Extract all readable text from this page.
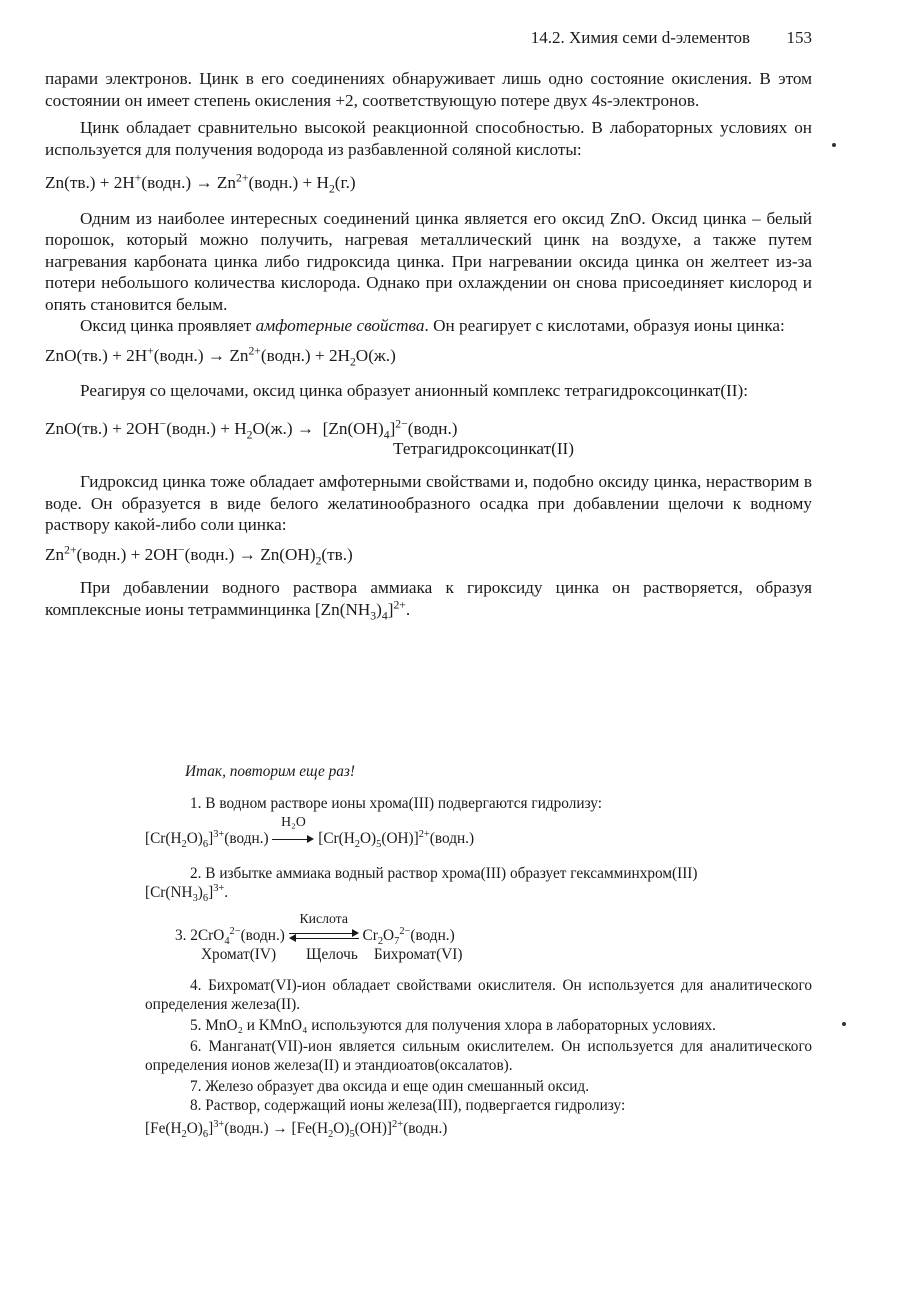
14.2. Химия семи d-элементов 153

парами электронов. Цинк в его соединениях обнаруживает лишь одно состояние окисления. В этом состоянии он имеет степень окисления +2, соответствующую потере двух 4s-электронов.

Цинк обладает сравнительно высокой реакционной способностью. В лабораторных условиях он используется для получения водорода из разбавленной соляной кислоты:

Zn(тв.) + 2H+(водн.) → $Zn^{2+}(водн.) + H_2(г.)$

Одним из наиболее интересных соединений цинка является его оксид ZnO. Оксид цинка – белый порошок, который можно получить, нагревая металлический цинк на воздухе, а также путем нагревания карбоната цинка либо гидроксида цинка. При нагревании оксида цинка он желтеет из-за потери небольшого количества кислорода. Однако при охлаждении он снова присоединяет кислород и опять становится белым.

Оксид цинка проявляет амфотерные свойства. Он реагирует с кислотами, образуя ионы цинка:

ZnO(тв.) + 2H+(водн.) → $Zn^{2+}(водн.) + 2H_2O(ж.)$

Реагируя со щелочами, оксид цинка образует анионный комплекс тетрагидроксоцинкат(II):

ZnO(тв.) + 2OH−(водн.) + $H_2O(ж.)$ →  $[Zn(OH)_4]^{2-}(водн.)$

Тетрагидроксоцинкат(II)

Гидроксид цинка тоже обладает амфотерными свойствами и, подобно оксиду цинка, нерастворим в воде. Он образуется в виде белого желатинообразного осадка при добавлении щелочи к водному раствору какой-либо соли цинка:

$Zn^{2+}(водн.)$ + 2OH−(водн.) → $Zn(OH)_2(тв.)$

При добавлении водного раствора аммиака к гироксиду цинка он растворяется, образуя комплексные ионы тетрамминцинка $[Zn(NH_3)_4]^{2+}$.

Итак, повторим еще раз!

1. В водном растворе ионы хрома(III) подвергаются гидролизу:

$[Cr(H_2O)_6]^{3+}(водн.)$
H₂O
$[Cr(H_2O)_5(OH)]^{2+}(водн.)$

2. В избытке аммиака водный раствор хрома(III) образует гексамминхром(III)

$[Cr(NH_3)_6]^{3+}$.

3. 2CrO$_4^{2-}$(водн.)
Кислота
$Cr_2O_7^{2-}(водн.)$

Хромат(IV) Щелочь Бихромат(VI)

4. Бихромат(VI)-ион обладает свойствами окислителя. Он используется для аналитического определения железа(II).

5. MnO₂ и KMnO₄ используются для получения хлора в лабораторных условиях.

6. Манганат(VII)-ион является сильным окислителем. Он используется для аналитического определения ионов железа(II) и этандиоатов(оксалатов).

7. Железо образует два оксида и еще один смешанный оксид.

8. Раствор, содержащий ионы железа(III), подвергается гидролизу:

$[Fe(H_2O)_6]^{3+}(водн.)$ → $[Fe(H_2O)_5(OH)]^{2+}(водн.)$
